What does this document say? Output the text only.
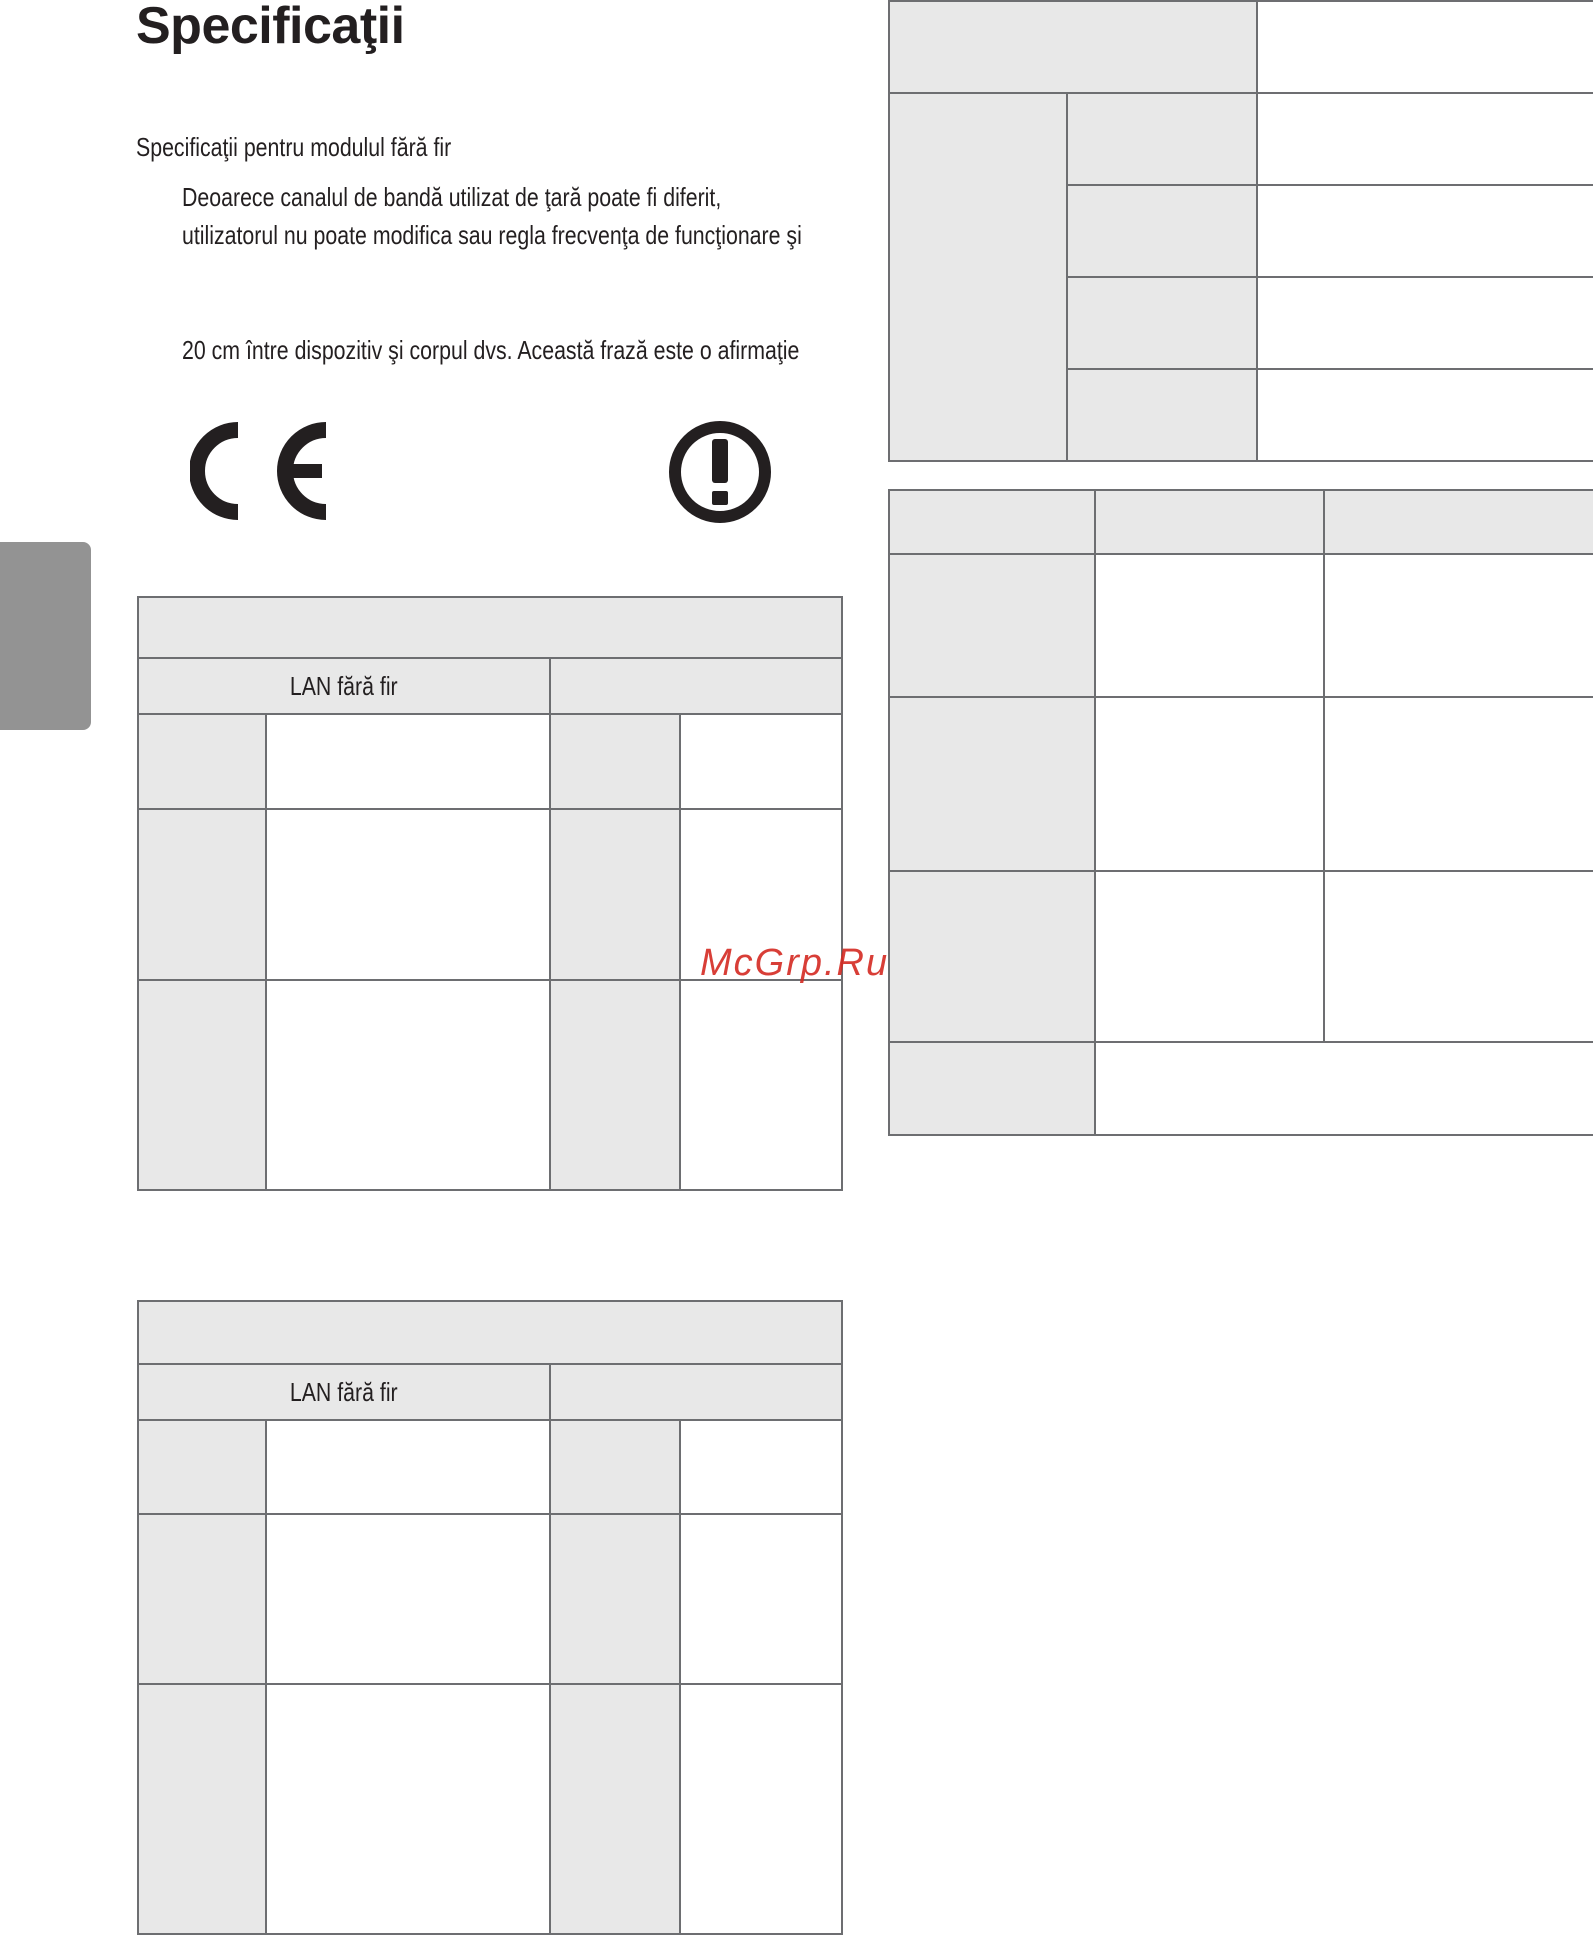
Specificaţii
Specificaţii pentru modulul fără fir
Deoarece canalul de bandă utilizat de ţară poate fi diferit,
utilizatorul nu poate modifica sau regla frecvenţa de funcţionare şi
20 cm între dispozitiv şi corpul dvs. Această frază este o afirmaţie

LAN fără fir			

LAN fără fir			

McGrp.Ru
